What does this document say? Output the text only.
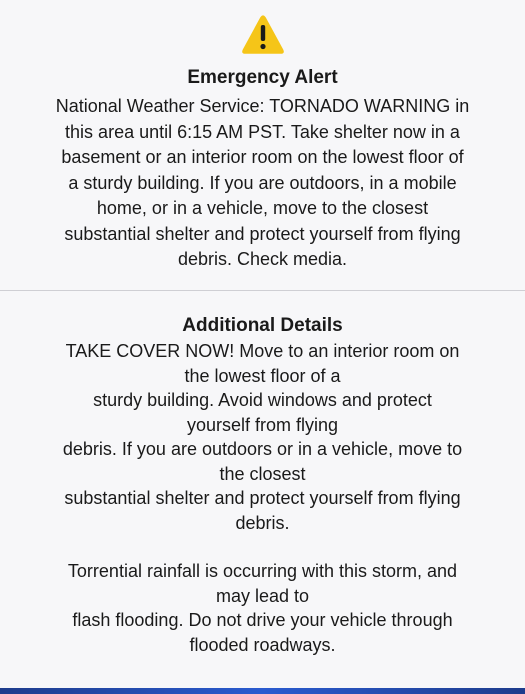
Emergency Alert
National Weather Service: TORNADO WARNING in
this area until 6:15 AM PST. Take shelter now in a
basement or an interior room on the lowest floor of
a sturdy building. If you are outdoors, in a mobile
home, or in a vehicle, move to the closest
substantial shelter and protect yourself from flying
debris. Check media.
Additional Details
TAKE COVER NOW! Move to an interior room on
the lowest floor of a
sturdy building. Avoid windows and protect
yourself from flying
debris. If you are outdoors or in a vehicle, move to
the closest
substantial shelter and protect yourself from flying
debris.
Torrential rainfall is occurring with this storm, and
may lead to
flash flooding. Do not drive your vehicle through
flooded roadways.
